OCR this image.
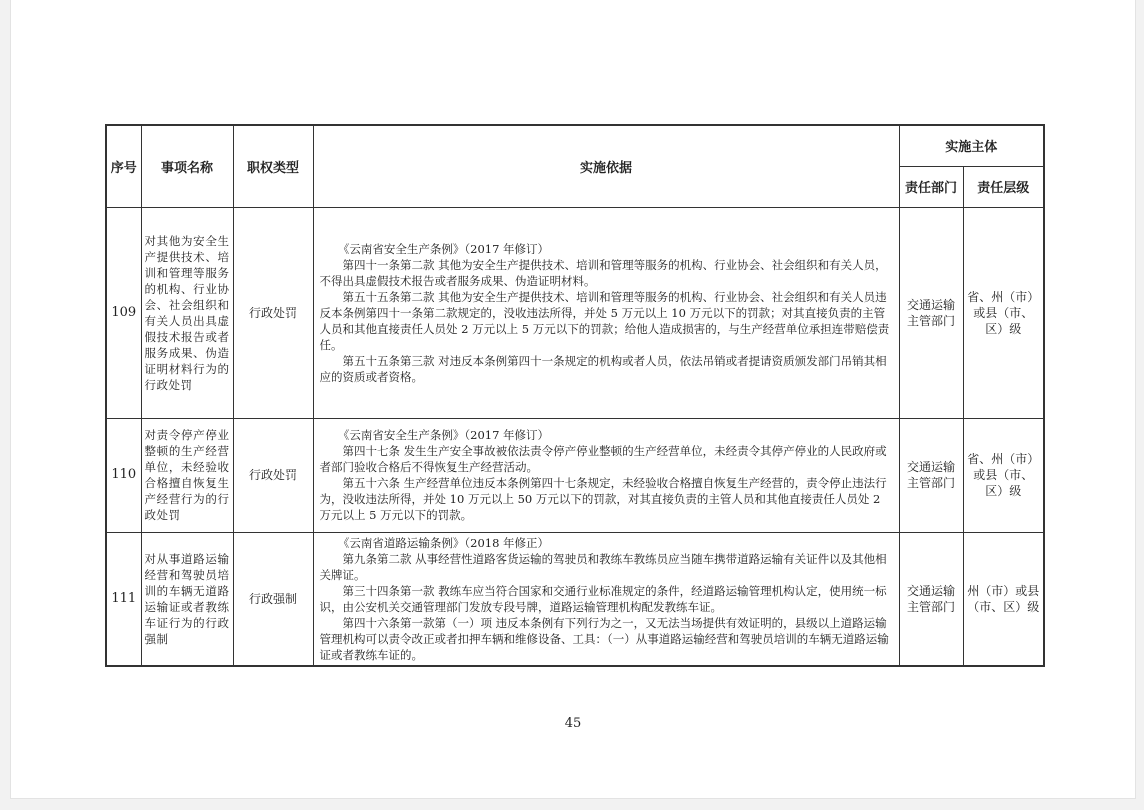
序号	事项名称	职权类型	实施依据	实施主体	
				责任部门	责任层级
109	对其他为安全生产提供技术、培训和管理等服务的机构、行业协会、社会组织和有关人员出具虚假技术报告或者服务成果、伪造证明材料行为的行政处罚	行政处罚	《云南省安全生产条例》（2017 年修订）

第四十一条第二款 其他为安全生产提供技术、培训和管理等服务的机构、行业协会、社会组织和有关人员，不得出具虚假技术报告或者服务成果、伪造证明材料。

第五十五条第二款 其他为安全生产提供技术、培训和管理等服务的机构、行业协会、社会组织和有关人员违反本条例第四十一条第二款规定的，没收违法所得，并处 5 万元以上 10 万元以下的罚款；对其直接负责的主管人员和其他直接责任人员处 2 万元以上 5 万元以下的罚款；给他人造成损害的，与生产经营单位承担连带赔偿责任。

第五十五条第三款 对违反本条例第四十一条规定的机构或者人员，依法吊销或者提请资质颁发部门吊销其相应的资质或者资格。	交通运输主管部门	省、州（市）或县（市、区）级
110	对责令停产停业整顿的生产经营单位，未经验收合格擅自恢复生产经营行为的行政处罚	行政处罚	《云南省安全生产条例》（2017 年修订）

第四十七条 发生生产安全事故被依法责令停产停业整顿的生产经营单位，未经责令其停产停业的人民政府或者部门验收合格后不得恢复生产经营活动。

第五十六条 生产经营单位违反本条例第四十七条规定，未经验收合格擅自恢复生产经营的，责令停止违法行为，没收违法所得，并处 10 万元以上 50 万元以下的罚款，对其直接负责的主管人员和其他直接责任人员处 2 万元以上 5 万元以下的罚款。	交通运输主管部门	省、州（市）或县（市、区）级
111	对从事道路运输经营和驾驶员培训的车辆无道路运输证或者教练车证行为的行政强制	行政强制	《云南省道路运输条例》（2018 年修正）

第九条第二款 从事经营性道路客货运输的驾驶员和教练车教练员应当随车携带道路运输有关证件以及其他相关牌证。

第三十四条第一款 教练车应当符合国家和交通行业标准规定的条件，经道路运输管理机构认定，使用统一标识，由公安机关交通管理部门发放专段号牌，道路运输管理机构配发教练车证。

第四十六条第一款第（一）项 违反本条例有下列行为之一，又无法当场提供有效证明的，县级以上道路运输管理机构可以责令改正或者扣押车辆和维修设备、工具：（一）从事道路运输经营和驾驶员培训的车辆无道路运输证或者教练车证的。	交通运输主管部门	州（市）或县（市、区）级
45
